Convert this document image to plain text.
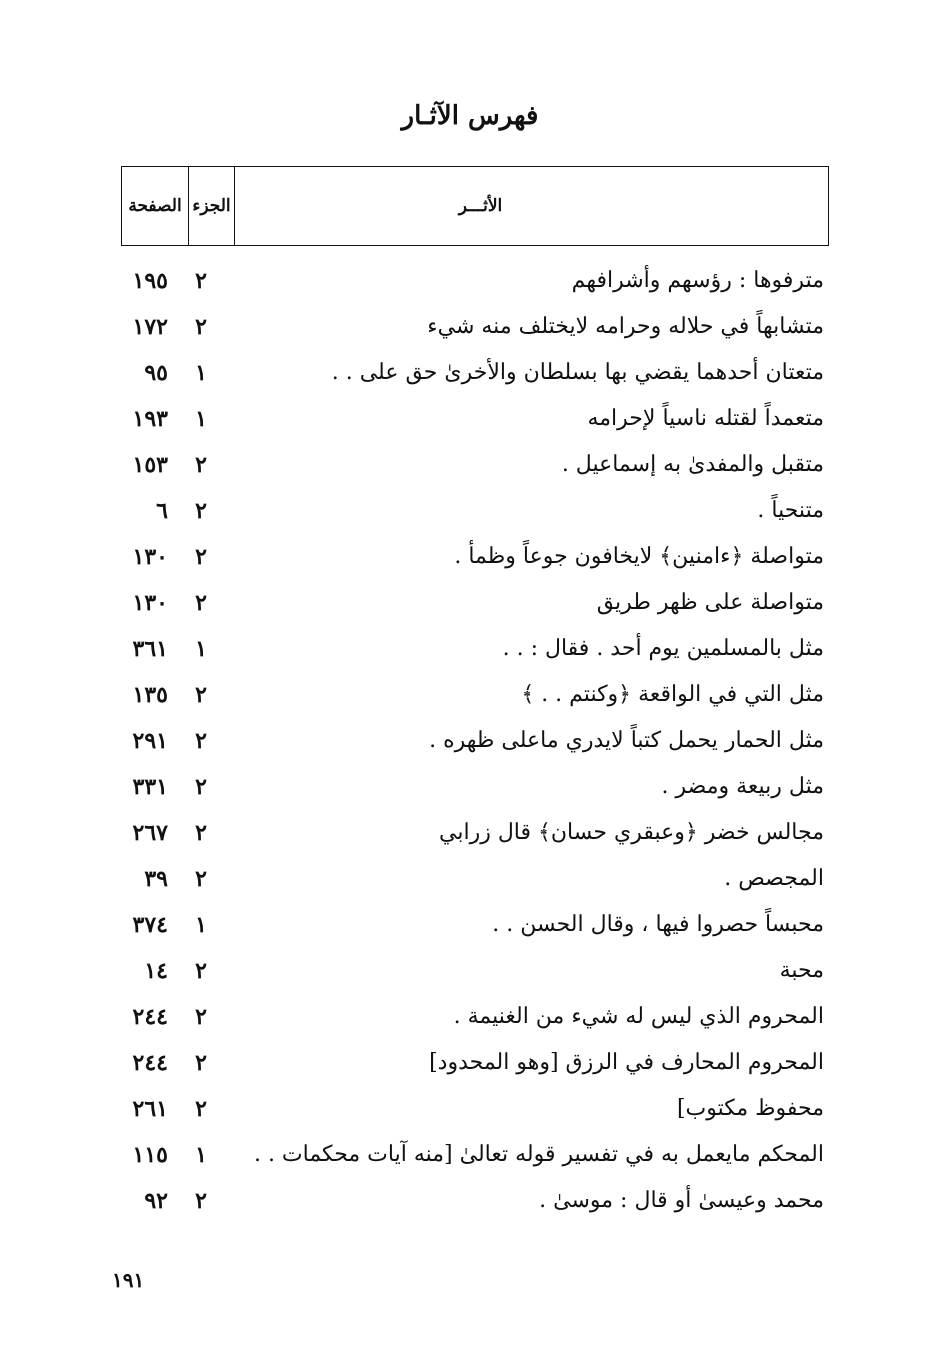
فهرس الآثـار
الأثـــر
الجزء
الصفحة
مترفوها : رؤسهم وأشرافهم
٢
١٩٥
متشابهاً في حلاله وحرامه لايختلف منه شيء
٢
١٧٢
متعتان أحدهما يقضي بها بسلطان والأخرىٰ حق على . .
١
٩٥
متعمداً لقتله ناسياً لإحرامه
١
١٩٣
متقبل والمفدىٰ به إسماعيل .
٢
١٥٣
متنحياً .
٢
٦
متواصلة ﴿ءامنين﴾ لايخافون جوعاً وظمأ .
٢
١٣٠
متواصلة على ظهر طريق
٢
١٣٠
مثل بالمسلمين يوم أحد . فقال : . .
١
٣٦١
مثل التي في الواقعة ﴿وكنتم . . ﴾
٢
١٣٥
مثل الحمار يحمل كتباً لايدري ماعلى ظهره .
٢
٢٩١
مثل ربيعة ومضر .
٢
٣٣١
مجالس خضر ﴿وعبقري حسان﴾ قال زرابي
٢
٢٦٧
المجصص .
٢
٣٩
محبساً حصروا فيها ، وقال الحسن . .
١
٣٧٤
محبة
٢
١٤
المحروم الذي ليس له شيء من الغنيمة .
٢
٢٤٤
المحروم المحارف في الرزق [وهو المحدود]
٢
٢٤٤
محفوظ مكتوب]
٢
٢٦١
المحكم مايعمل به في تفسير قوله تعالىٰ [منه آيات محكمات . .
١
١١٥
محمد وعيسىٰ أو قال : موسىٰ .
٢
٩٢
١٩١
